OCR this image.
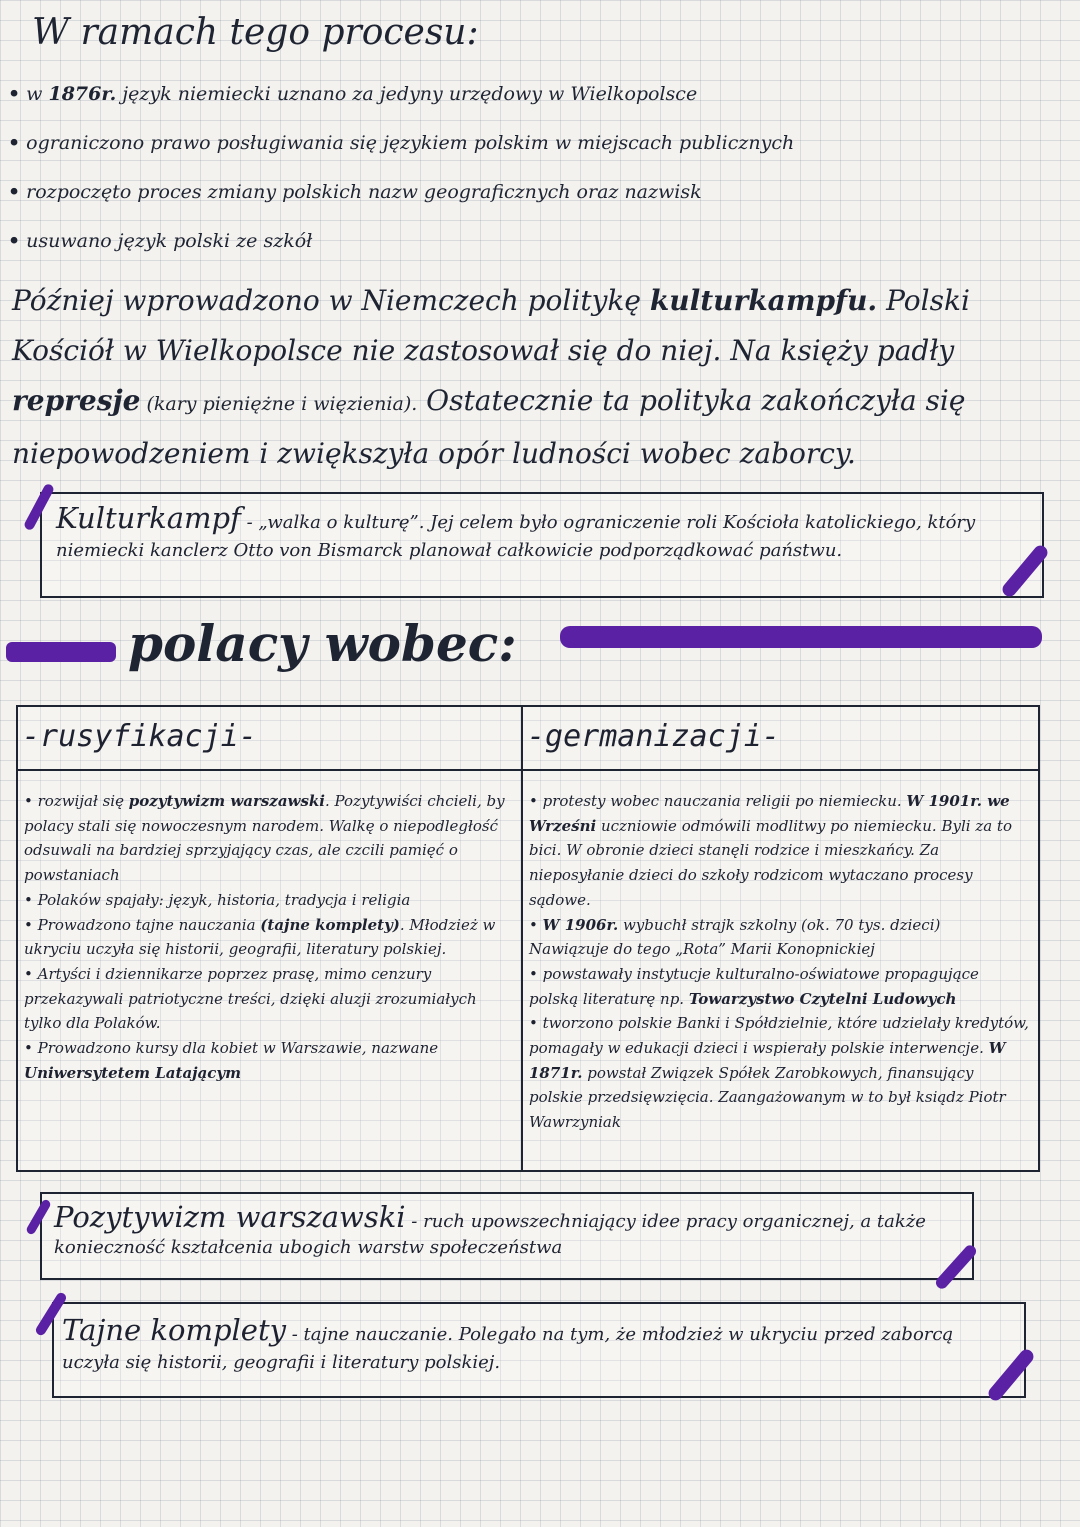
W ramach tego procesu:
• w 1876r. język niemiecki uznano za jedyny urzędowy w Wielkopolsce
• ograniczono prawo posługiwania się językiem polskim w miejscach publicznych
• rozpoczęto proces zmiany polskich nazw geograficznych oraz nazwisk
• usuwano język polski ze szkół
Później wprowadzono w Niemczech politykę kulturkampfu. Polski Kościół w Wielkopolsce nie zastosował się do niej. Na księży padły represje (kary pieniężne i więzienia). Ostatecznie ta polityka zakończyła się niepowodzeniem i zwiększyła opór ludności wobec zaborcy.
Kulturkampf - „walka o kulturę”. Jej celem było ograniczenie roli Kościoła katolickiego, który niemiecki kanclerz Otto von Bismarck planował całkowicie podporządkować państwu.
polacy wobec:
-rusyfikacji-

• rozwijał się pozytywizm warszawski. Pozytywiści chcieli, by polacy stali się nowoczesnym narodem. Walkę o niepodległość odsuwali na bardziej sprzyjający czas, ale czcili pamięć o powstaniach

• Polaków spajały: język, historia, tradycja i religia

• Prowadzono tajne nauczania (tajne komplety). Młodzież w ukryciu uczyła się historii, geografii, literatury polskiej.

• Artyści i dziennikarze poprzez prasę, mimo cenzury przekazywali patriotyczne treści, dzięki aluzji zrozumiałych tylko dla Polaków.

• Prowadzono kursy dla kobiet w Warszawie, nazwane Uniwersytetem Latającym

-germanizacji-

• protesty wobec nauczania religii po niemiecku. W 1901r. we Wrześni uczniowie odmówili modlitwy po niemiecku. Byli za to bici. W obronie dzieci stanęli rodzice i mieszkańcy. Za nieposyłanie dzieci do szkoły rodzicom wytaczano procesy sądowe.

• W 1906r. wybuchł strajk szkolny (ok. 70 tys. dzieci)

Nawiązuje do tego „Rota” Marii Konopnickiej

• powstawały instytucje kulturalno-oświatowe propagujące polską literaturę np. Towarzystwo Czytelni Ludowych

• tworzono polskie Banki i Spółdzielnie, które udzielały kredytów, pomagały w edukacji dzieci i wspierały polskie interwencje. W 1871r. powstał Związek Spółek Zarobkowych, finansujący polskie przedsięwzięcia. Zaangażowanym w to był ksiądz Piotr Wawrzyniak

Pozytywizm warszawski - ruch upowszechniający idee pracy organicznej, a także konieczność kształcenia ubogich warstw społeczeństwa
Tajne komplety - tajne nauczanie. Polegało na tym, że młodzież w ukryciu przed zaborcą uczyła się historii, geografii i literatury polskiej.
